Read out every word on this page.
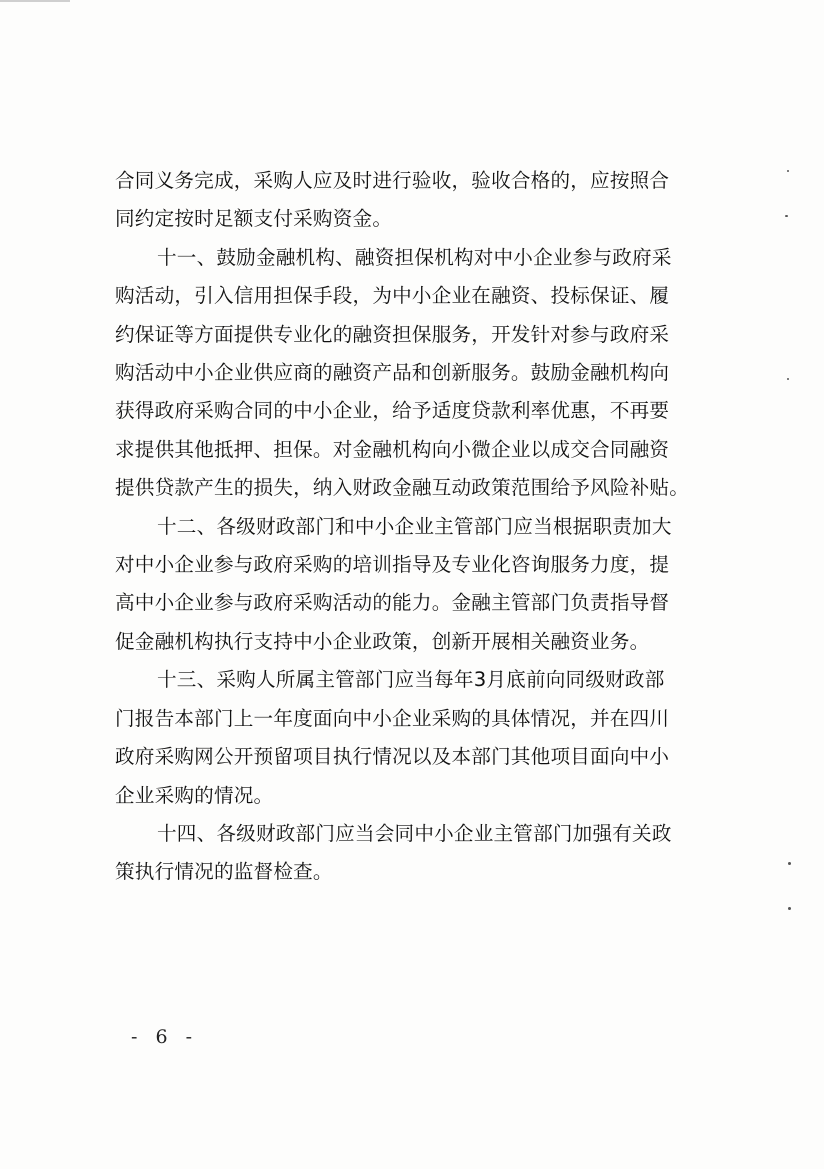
合同义务完成，采购人应及时进行验收，验收合格的，应按照合
同约定按时足额支付采购资金。

十一、鼓励金融机构、融资担保机构对中小企业参与政府采
购活动，引入信用担保手段，为中小企业在融资、投标保证、履
约保证等方面提供专业化的融资担保服务，开发针对参与政府采
购活动中小企业供应商的融资产品和创新服务。鼓励金融机构向
获得政府采购合同的中小企业，给予适度贷款利率优惠，不再要
求提供其他抵押、担保。对金融机构向小微企业以成交合同融资
提供贷款产生的损失，纳入财政金融互动政策范围给予风险补贴。

十二、各级财政部门和中小企业主管部门应当根据职责加大
对中小企业参与政府采购的培训指导及专业化咨询服务力度，提
高中小企业参与政府采购活动的能力。金融主管部门负责指导督
促金融机构执行支持中小企业政策，创新开展相关融资业务。

十三、采购人所属主管部门应当每年3月底前向同级财政部
门报告本部门上一年度面向中小企业采购的具体情况，并在四川
政府采购网公开预留项目执行情况以及本部门其他项目面向中小
企业采购的情况。

十四、各级财政部门应当会同中小企业主管部门加强有关政
策执行情况的监督检查。

- 6 -
